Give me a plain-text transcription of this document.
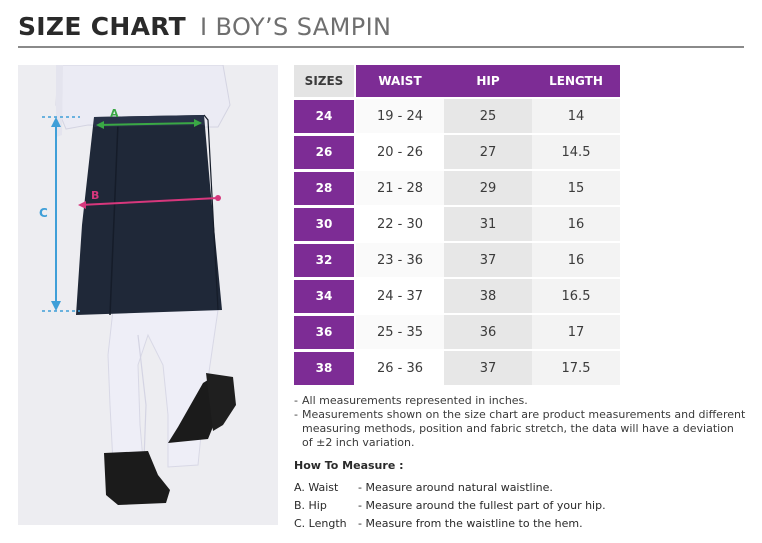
SIZE CHART I BOY’S SAMPIN
A
B
C
SIZES	WAIST	HIP	LENGTH

24	19 - 24	25	14

26	20 - 26	27	14.5

28	21 - 28	29	15

30	22 - 30	31	16

32	23 - 36	37	16

34	24 - 37	38	16.5

36	25 - 35	36	17

38	26 - 36	37	17.5
- All measurements represented in inches.
- Measurements shown on the size chart are product measurements and different measuring methods, position and fabric stretch, the data will have a deviation of ±2 inch variation.
How To Measure :
A. Waist	- Measure around natural waistline.
B. Hip	- Measure around the fullest part of your hip.
C. Length	- Measure from the waistline to the hem.
